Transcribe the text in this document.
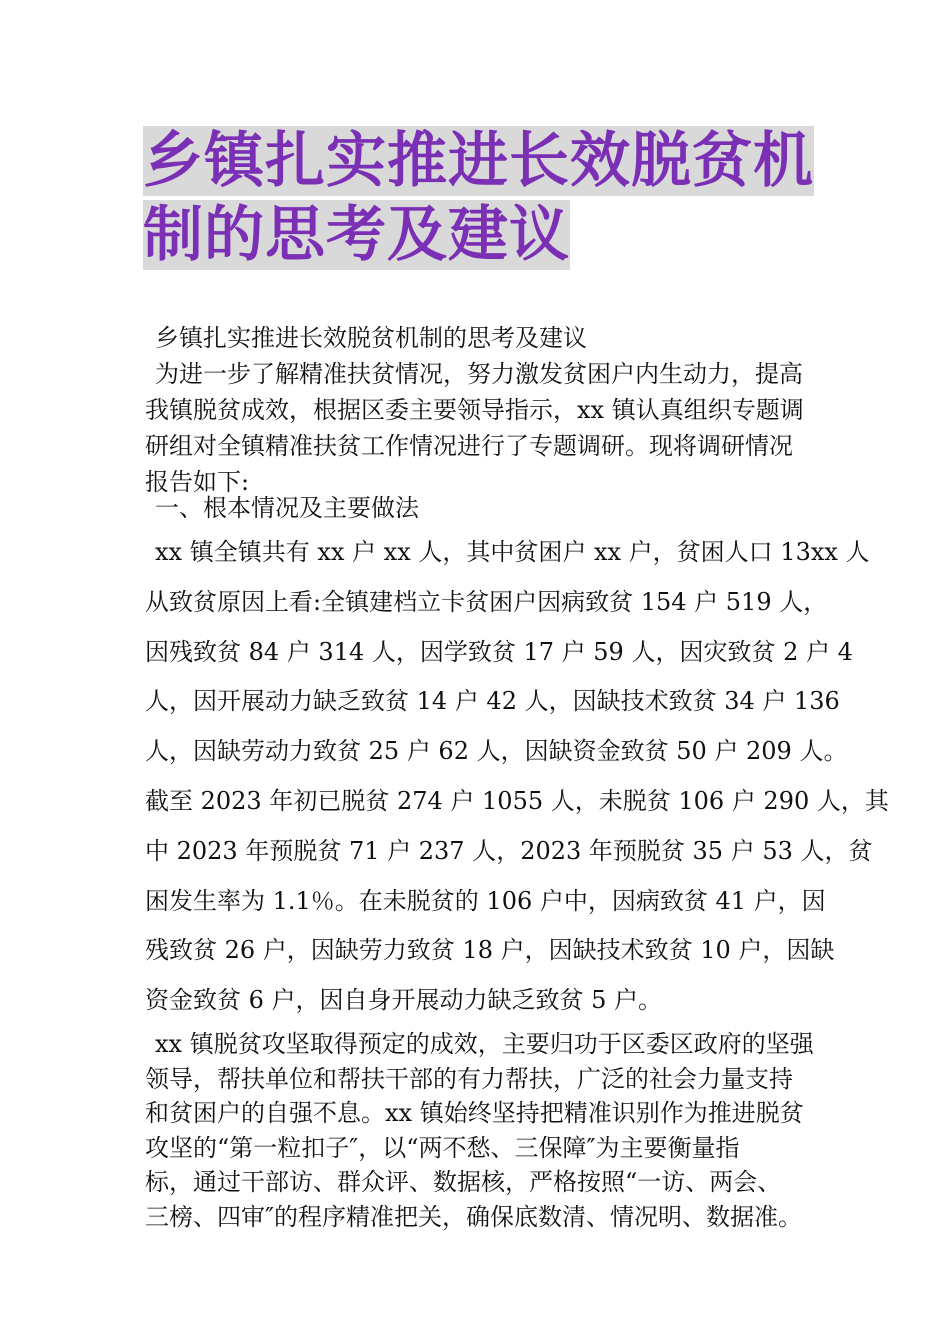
乡镇扎实推进长效脱贫机
制的思考及建议
乡镇扎实推进长效脱贫机制的思考及建议
为进一步了解精准扶贫情况，努力激发贫困户内生动力，提高
我镇脱贫成效，根据区委主要领导指示，xx 镇认真组织专题调
研组对全镇精准扶贫工作情况进行了专题调研。现将调研情况
报告如下:
一、根本情况及主要做法
xx 镇全镇共有 xx 户 xx 人，其中贫困户 xx 户，贫困人口 13xx 人
从致贫原因上看:全镇建档立卡贫困户因病致贫 154 户 519 人，
因残致贫 84 户 314 人，因学致贫 17 户 59 人，因灾致贫 2 户 4
人，因开展动力缺乏致贫 14 户 42 人，因缺技术致贫 34 户 136
人，因缺劳动力致贫 25 户 62 人，因缺资金致贫 50 户 209 人。
截至 2023 年初已脱贫 274 户 1055 人，未脱贫 106 户 290 人，其
中 2023 年预脱贫 71 户 237 人，2023 年预脱贫 35 户 53 人，贫
困发生率为 1.1％。在未脱贫的 106 户中，因病致贫 41 户，因
残致贫 26 户，因缺劳力致贫 18 户，因缺技术致贫 10 户，因缺
资金致贫 6 户，因自身开展动力缺乏致贫 5 户。
xx 镇脱贫攻坚取得预定的成效，主要归功于区委区政府的坚强
领导，帮扶单位和帮扶干部的有力帮扶，广泛的社会力量支持
和贫困户的自强不息。xx 镇始终坚持把精准识别作为推进脱贫
攻坚的“第一粒扣子″，以“两不愁、三保障″为主要衡量指
标，通过干部访、群众评、数据核，严格按照“一访、两会、
三榜、四审″的程序精准把关，确保底数清、情况明、数据准。
